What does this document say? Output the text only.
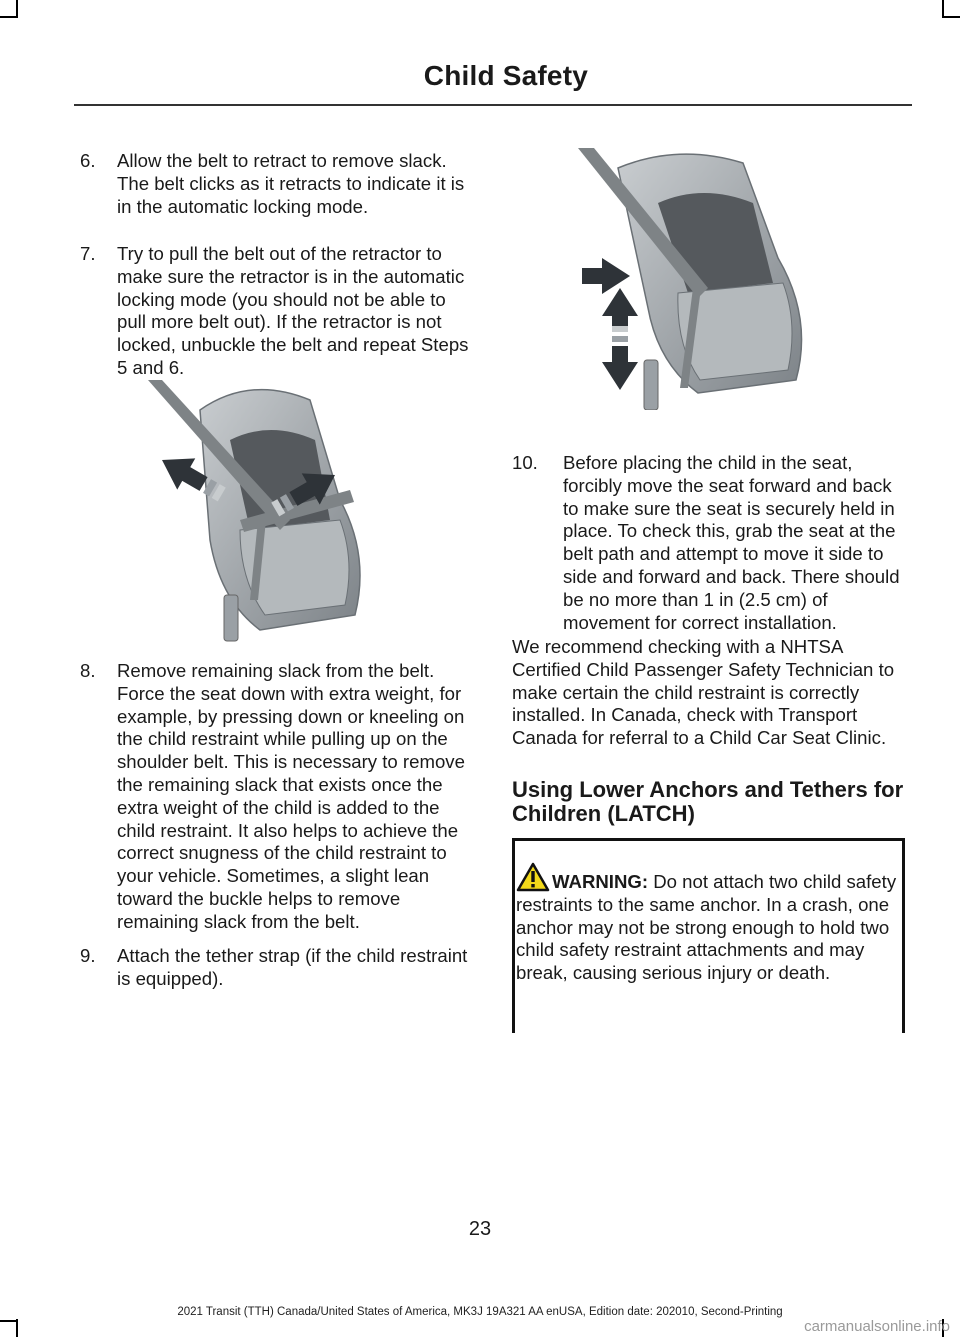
Child Safety
6. Allow the belt to retract to remove slack. The belt clicks as it retracts to indicate it is in the automatic locking mode.
7. Try to pull the belt out of the retractor to make sure the retractor is in the automatic locking mode (you should not be able to pull more belt out). If the retractor is not locked, unbuckle the belt and repeat Steps 5 and 6.
8. Remove remaining slack from the belt. Force the seat down with extra weight, for example, by pressing down or kneeling on the child restraint while pulling up on the shoulder belt. This is necessary to remove the remaining slack that exists once the extra weight of the child is added to the child restraint. It also helps to achieve the correct snugness of the child restraint to your vehicle. Sometimes, a slight lean toward the buckle helps to remove remaining slack from the belt.
9. Attach the tether strap (if the child restraint is equipped).
10. Before placing the child in the seat, forcibly move the seat forward and back to make sure the seat is securely held in place. To check this, grab the seat at the belt path and attempt to move it side to side and forward and back. There should be no more than 1 in (2.5 cm) of movement for correct installation.
We recommend checking with a NHTSA Certified Child Passenger Safety Technician to make certain the child restraint is correctly installed. In Canada, check with Transport Canada for referral to a Child Car Seat Clinic.
Using Lower Anchors and Tethers for Children (LATCH)
WARNING: Do not attach two child safety restraints to the same anchor. In a crash, one anchor may not be strong enough to hold two child safety restraint attachments and may break, causing serious injury or death.
23
2021 Transit (TTH) Canada/United States of America, MK3J 19A321 AA enUSA, Edition date: 202010, Second-Printing
carmanualsonline.info
